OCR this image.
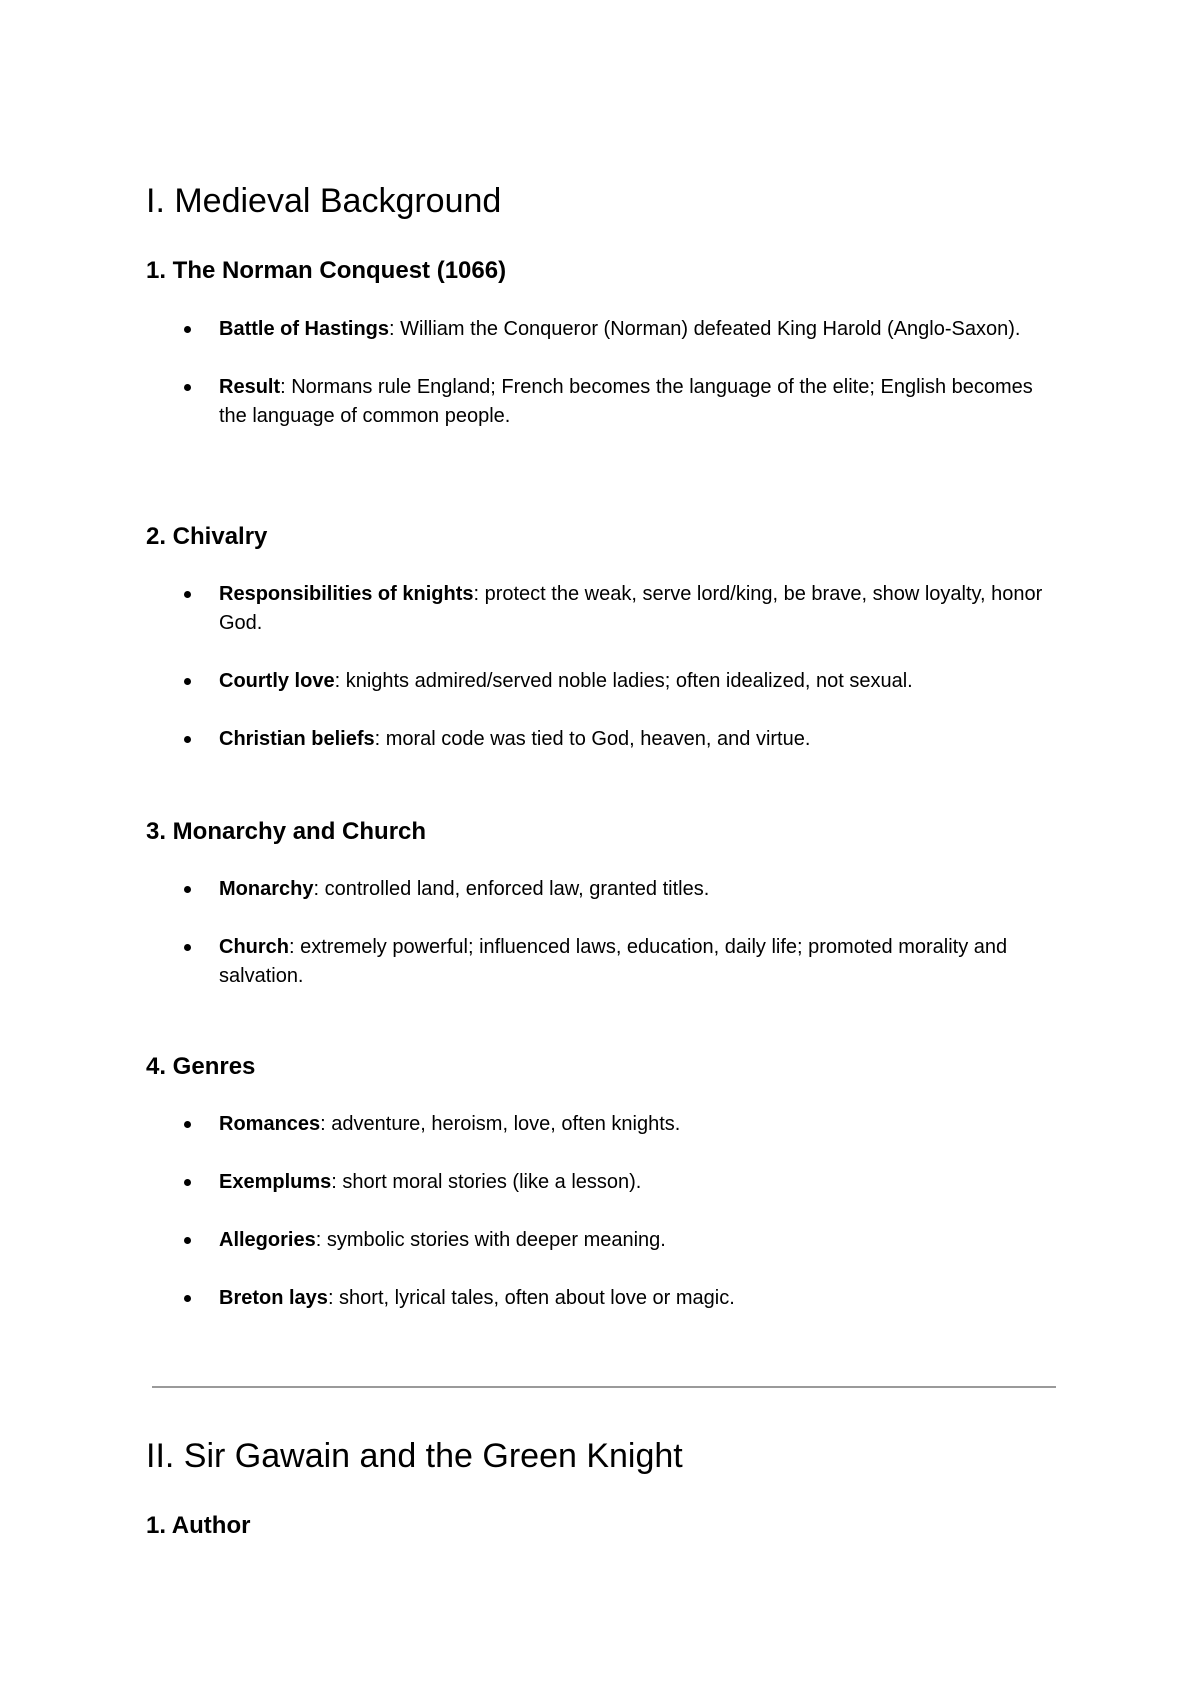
I. Medieval Background
1. The Norman Conquest (1066)
Battle of Hastings: William the Conqueror (Norman) defeated King Harold (Anglo-Saxon).
Result: Normans rule England; French becomes the language of the elite; English becomes the language of common people.
2. Chivalry
Responsibilities of knights: protect the weak, serve lord/king, be brave, show loyalty, honor God.
Courtly love: knights admired/served noble ladies; often idealized, not sexual.
Christian beliefs: moral code was tied to God, heaven, and virtue.
3. Monarchy and Church
Monarchy: controlled land, enforced law, granted titles.
Church: extremely powerful; influenced laws, education, daily life; promoted morality and salvation.
4. Genres
Romances: adventure, heroism, love, often knights.
Exemplums: short moral stories (like a lesson).
Allegories: symbolic stories with deeper meaning.
Breton lays: short, lyrical tales, often about love or magic.
II. Sir Gawain and the Green Knight
1. Author
